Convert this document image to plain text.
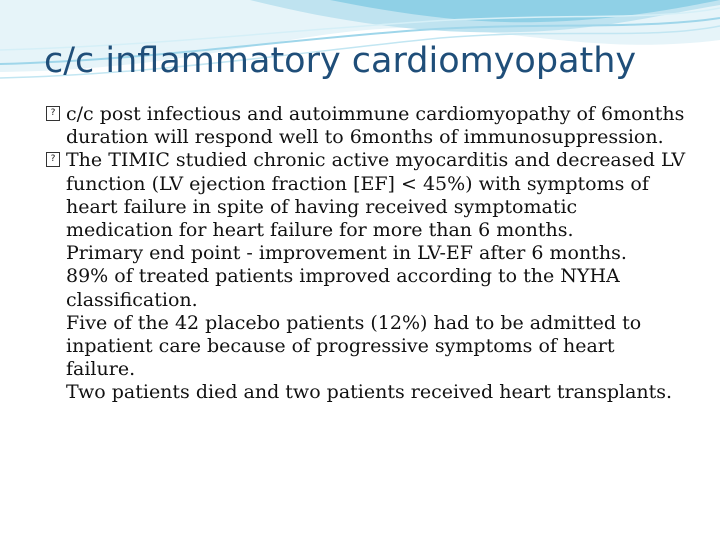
c/c inflammatory cardiomyopathy

?
c/c post infectious and autoimmune cardiomyopathy of 6months duration will respond well to 6months of immunosuppression.

?
The TIMIC studied chronic active myocarditis and decreased LV function (LV ejection fraction [EF] < 45%) with symptoms of heart failure in spite of having received symptomatic medication for heart failure for more than 6 months.

Primary end point - improvement in LV-EF after 6 months.

89% of treated patients improved according to the NYHA classification.

Five of the 42 placebo patients (12%) had to be admitted to inpatient care because of progressive symptoms of heart failure.

Two patients died and two patients received heart transplants.
